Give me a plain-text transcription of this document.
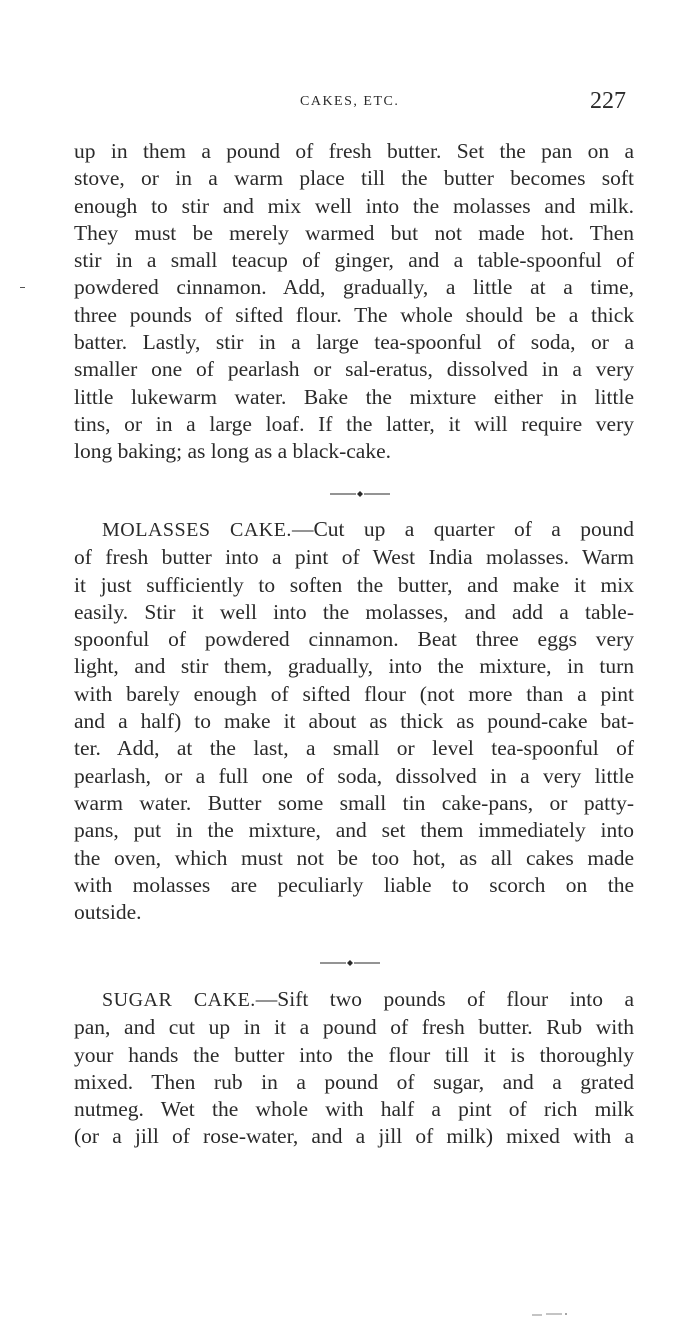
CAKES, ETC.	227
up in them a pound of fresh butter. Set the pan on a
stove, or in a warm place till the butter becomes soft
enough to stir and mix well into the molasses and milk.
They must be merely warmed but not made hot. Then
stir in a small teacup of ginger, and a table-spoonful of
powdered cinnamon. Add, gradually, a little at a time,
three pounds of sifted flour. The whole should be a thick
batter. Lastly, stir in a large tea-spoonful of soda, or a
smaller one of pearlash or sal-eratus, dissolved in a very
little lukewarm water. Bake the mixture either in little
tins, or in a large loaf. If the latter, it will require very
long baking; as long as a black-cake.
MOLASSES CAKE.—Cut up a quarter of a pound
of fresh butter into a pint of West India molasses. Warm
it just sufficiently to soften the butter, and make it mix
easily. Stir it well into the molasses, and add a table-
spoonful of powdered cinnamon. Beat three eggs very
light, and stir them, gradually, into the mixture, in turn
with barely enough of sifted flour (not more than a pint
and a half) to make it about as thick as pound-cake bat-
ter. Add, at the last, a small or level tea-spoonful of
pearlash, or a full one of soda, dissolved in a very little
warm water. Butter some small tin cake-pans, or patty-
pans, put in the mixture, and set them immediately into
the oven, which must not be too hot, as all cakes made
with molasses are peculiarly liable to scorch on the
outside.
SUGAR CAKE.—Sift two pounds of flour into a
pan, and cut up in it a pound of fresh butter. Rub with
your hands the butter into the flour till it is thoroughly
mixed. Then rub in a pound of sugar, and a grated
nutmeg. Wet the whole with half a pint of rich milk
(or a jill of rose-water, and a jill of milk) mixed with a
